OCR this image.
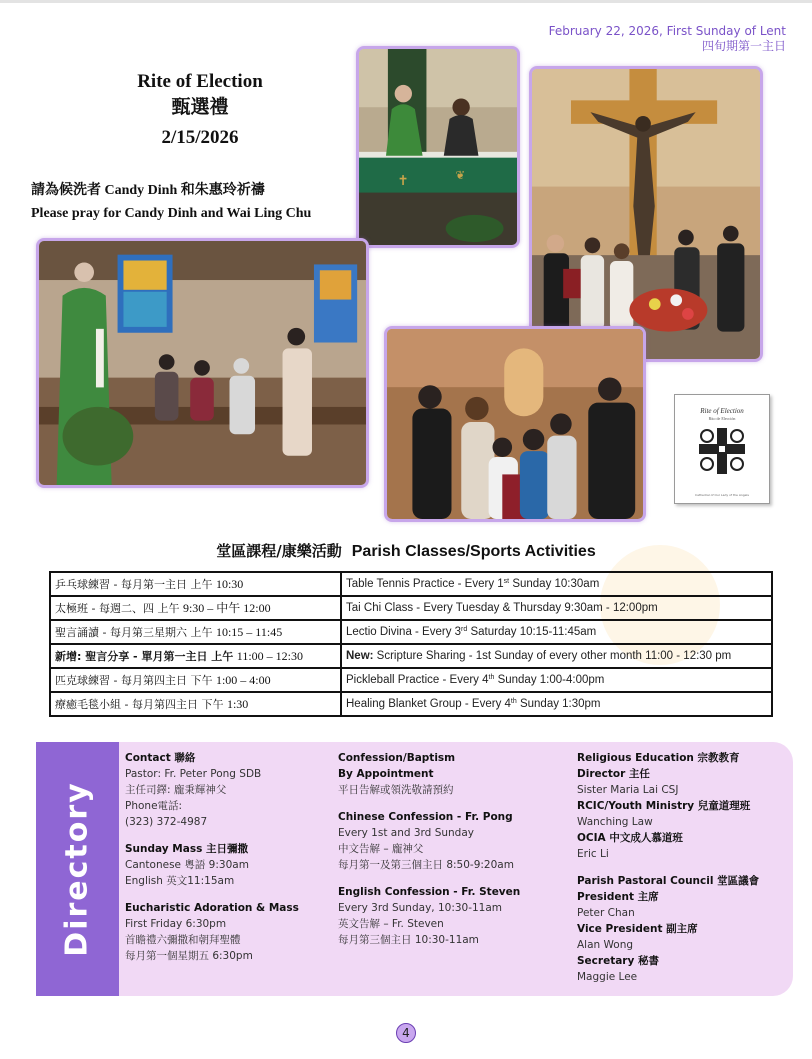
February 22, 2026, First Sunday of Lent
四旬期第一主日
Rite of Election
甄選禮
2/15/2026
請為候洗者 Candy Dinh 和朱惠玲祈禱
Please pray for Candy Dinh and Wai Ling Chu
✝	❦
Rite of Election
Rito de Elección
Cathedral of Our Lady of the Angels
堂區課程/康樂活動 Parish Classes/Sports Activities
乒乓球練習 - 每月第一主日 上午 10:30	Table Tennis Practice - Every 1st Sunday 10:30am
太極班 - 每週二、四 上午 9:30 – 中午 12:00	Tai Chi Class - Every Tuesday & Thursday 9:30am - 12:00pm
聖言誦讀 - 每月第三星期六 上午 10:15 – 11:45	Lectio Divina - Every 3rd Saturday 10:15-11:45am
新增: 聖言分享 - 單月第一主日 上午 11:00 – 12:30	New: Scripture Sharing - 1st Sunday of every other month 11:00 - 12:30 pm
匹克球練習 - 每月第四主日 下午 1:00 – 4:00	Pickleball Practice - Every 4th Sunday 1:00-4:00pm
療癒毛毯小組 - 每月第四主日 下午 1:30	Healing Blanket Group - Every 4th Sunday 1:30pm
Directory
Contact 聯絡
Pastor: Fr. Peter Pong SDB
主任司鐸: 龐秉輝神父
Phone電話:
(323) 372-4987
Sunday Mass 主日彌撒
Cantonese 粵語 9:30am
English 英文11:15am
Eucharistic Adoration & Mass
First Friday 6:30pm
首瞻禮六彌撒和朝拜聖體
每月第一個星期五 6:30pm
Confession/Baptism
By Appointment
平日告解或領洗敬請預約
Chinese Confession - Fr. Pong
Every 1st and 3rd Sunday
中文告解 – 龐神父
每月第一及第三個主日 8:50-9:20am
English Confession - Fr. Steven
Every 3rd Sunday, 10:30-11am
英文告解 – Fr. Steven
每月第三個主日 10:30-11am
Religious Education 宗教教育
Director 主任
Sister Maria Lai CSJ
RCIC/Youth Ministry 兒童道理班
Wanching Law
OCIA 中文成人慕道班
Eric Li
Parish Pastoral Council 堂區議會
President 主席
Peter Chan
Vice President 副主席
Alan Wong
Secretary 秘書
Maggie Lee
4
